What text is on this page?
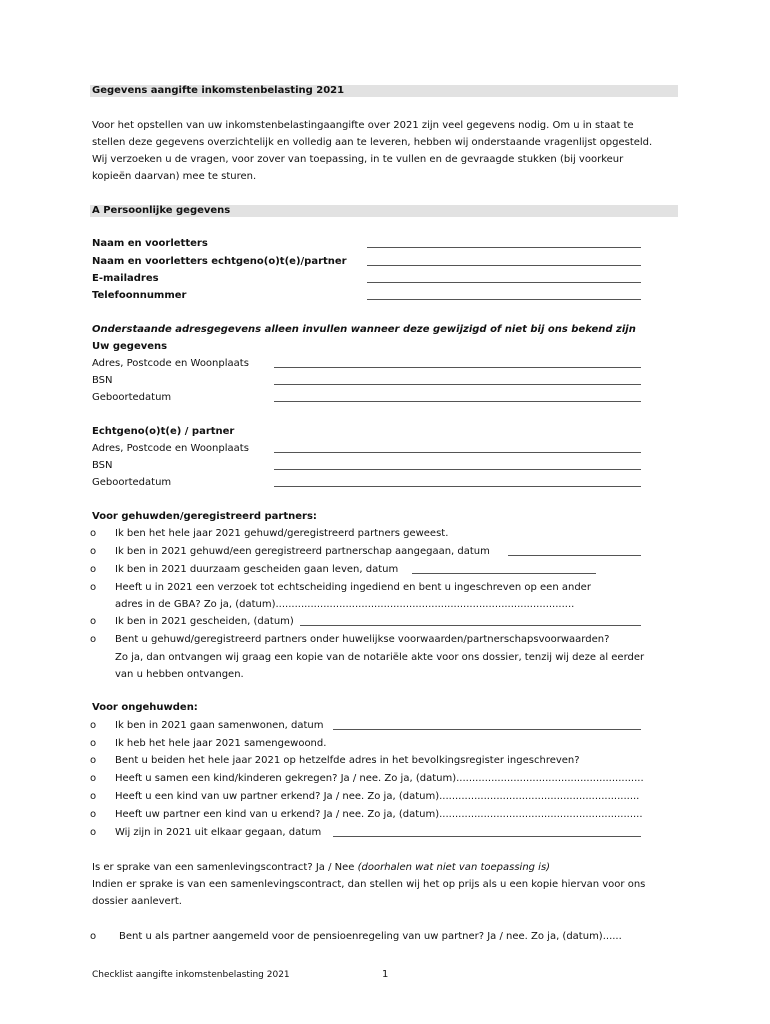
Gegevens aangifte inkomstenbelasting 2021
Voor het opstellen van uw inkomstenbelastingaangifte over 2021 zijn veel gegevens nodig. Om u in staat te
stellen deze gegevens overzichtelijk en volledig aan te leveren, hebben wij onderstaande vragenlijst opgesteld.
Wij verzoeken u de vragen, voor zover van toepassing, in te vullen en de gevraagde stukken (bij voorkeur
kopieën daarvan) mee te sturen.
A Persoonlijke gegevens
Naam en voorletters
Naam en voorletters echtgeno(o)t(e)/partner
E-mailadres
Telefoonnummer
Onderstaande adresgegevens alleen invullen wanneer deze gewijzigd of niet bij ons bekend zijn
Uw gegevens
Adres, Postcode en Woonplaats
BSN
Geboortedatum
Echtgeno(o)t(e) / partner
Adres, Postcode en Woonplaats
BSN
Geboortedatum
Voor gehuwden/geregistreerd partners:
o Ik ben het hele jaar 2021 gehuwd/geregistreerd partners geweest.
o Ik ben in 2021 gehuwd/een geregistreerd partnerschap aangegaan, datum
o Ik ben in 2021 duurzaam gescheiden gaan leven, datum
o Heeft u in 2021 een verzoek tot echtscheiding ingediend en bent u ingeschreven op een ander
adres in de GBA? Zo ja, (datum)..............................................................................................
o Ik ben in 2021 gescheiden, (datum)
o Bent u gehuwd/geregistreerd partners onder huwelijkse voorwaarden/partnerschapsvoorwaarden?
Zo ja, dan ontvangen wij graag een kopie van de notariële akte voor ons dossier, tenzij wij deze al eerder
van u hebben ontvangen.
Voor ongehuwden:
o Ik ben in 2021 gaan samenwonen, datum
o Ik heb het hele jaar 2021 samengewoond.
o Bent u beiden het hele jaar 2021 op hetzelfde adres in het bevolkingsregister ingeschreven?
o Heeft u samen een kind/kinderen gekregen? Ja / nee. Zo ja, (datum)...........................................................
o Heeft u een kind van uw partner erkend? Ja / nee. Zo ja, (datum)...............................................................
o Heeft uw partner een kind van u erkend? Ja / nee. Zo ja, (datum)................................................................
o Wij zijn in 2021 uit elkaar gegaan, datum
Is er sprake van een samenlevingscontract? Ja / Nee (doorhalen wat niet van toepassing is)
Indien er sprake is van een samenlevingscontract, dan stellen wij het op prijs als u een kopie hiervan voor ons
dossier aanlevert.
o Bent u als partner aangemeld voor de pensioenregeling van uw partner? Ja / nee. Zo ja, (datum)......
Checklist aangifte inkomstenbelasting 2021	1
